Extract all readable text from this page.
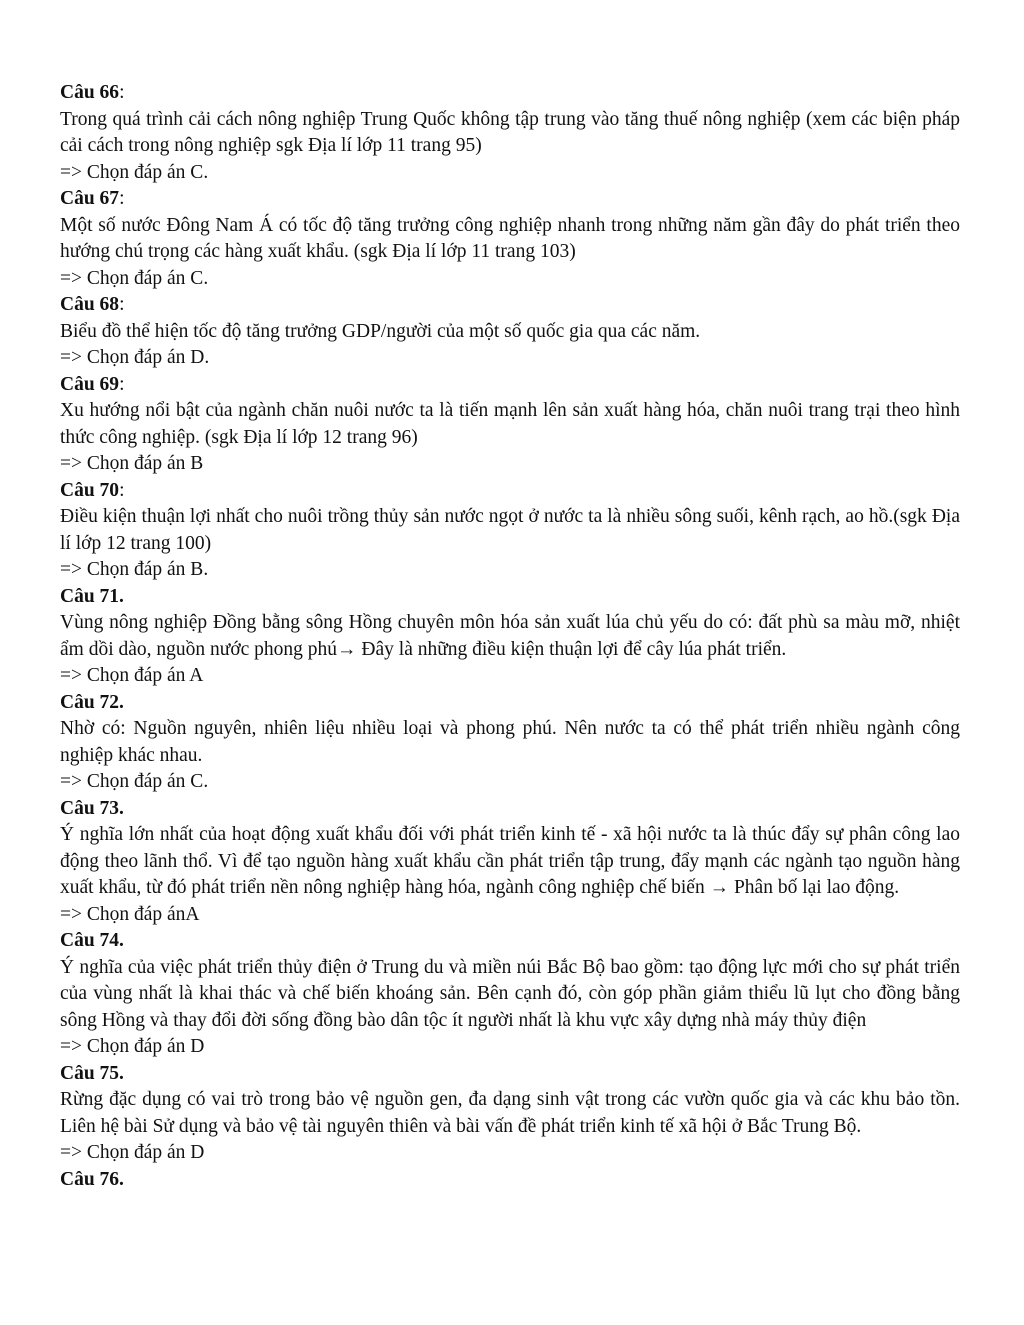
Câu 66:

Trong quá trình cải cách nông nghiệp Trung Quốc không tập trung vào tăng thuế nông nghiệp (xem các biện pháp cải cách trong nông nghiệp sgk Địa lí lớp 11 trang 95)

=> Chọn đáp án C.

Câu 67:

Một số nước Đông Nam Á có tốc độ tăng trưởng công nghiệp nhanh trong những năm gần đây do phát triển theo hướng chú trọng các hàng xuất khẩu. (sgk Địa lí lớp 11 trang 103)

=> Chọn đáp án C.

Câu 68:

Biểu đồ thể hiện tốc độ tăng trưởng GDP/người của một số quốc gia qua các năm.

=> Chọn đáp án D.

Câu 69:

Xu hướng nổi bật của ngành chăn nuôi nước ta là tiến mạnh lên sản xuất hàng hóa, chăn nuôi trang trại theo hình thức công nghiệp. (sgk Địa lí lớp 12 trang 96)

=> Chọn đáp án B

Câu 70:

Điều kiện thuận lợi nhất cho nuôi trồng thủy sản nước ngọt ở nước ta là nhiều sông suối, kênh rạch, ao hồ.(sgk Địa lí lớp 12 trang 100)

=> Chọn đáp án B.

Câu 71.

Vùng nông nghiệp Đồng bằng sông Hồng chuyên môn hóa sản xuất lúa chủ yếu do có: đất phù sa màu mỡ, nhiệt ẩm dồi dào, nguồn nước phong phú→ Đây là những điều kiện thuận lợi để cây lúa phát triển.

=> Chọn đáp án A

Câu 72.

Nhờ có: Nguồn nguyên, nhiên liệu nhiều loại và phong phú. Nên nước ta có thể phát triển nhiều ngành công nghiệp khác nhau.

=> Chọn đáp án C.

Câu 73.

Ý nghĩa lớn nhất của hoạt động xuất khẩu đối với phát triển kinh tế - xã hội nước ta là thúc đẩy sự phân công lao động theo lãnh thổ. Vì để tạo nguồn hàng xuất khẩu cần phát triển tập trung, đẩy mạnh các ngành tạo nguồn hàng xuất khẩu, từ đó phát triển nền nông nghiệp hàng hóa, ngành công nghiệp chế biến → Phân bố lại lao động.

=> Chọn đáp ánA

Câu 74.

Ý nghĩa của việc phát triển thủy điện ở Trung du và miền núi Bắc Bộ bao gồm: tạo động lực mới cho sự phát triển của vùng nhất là khai thác và chế biến khoáng sản. Bên cạnh đó, còn góp phần giảm thiểu lũ lụt cho đồng bằng sông Hồng và thay đổi đời sống đồng bào dân tộc ít người nhất là khu vực xây dựng nhà máy thủy điện

=> Chọn đáp án D

Câu 75.

Rừng đặc dụng có vai trò trong bảo vệ nguồn gen, đa dạng sinh vật trong các vườn quốc gia và các khu bảo tồn. Liên hệ bài Sử dụng và bảo vệ tài nguyên thiên và bài vấn đề phát triển kinh tế xã hội ở Bắc Trung Bộ.

=> Chọn đáp án D

Câu 76.
